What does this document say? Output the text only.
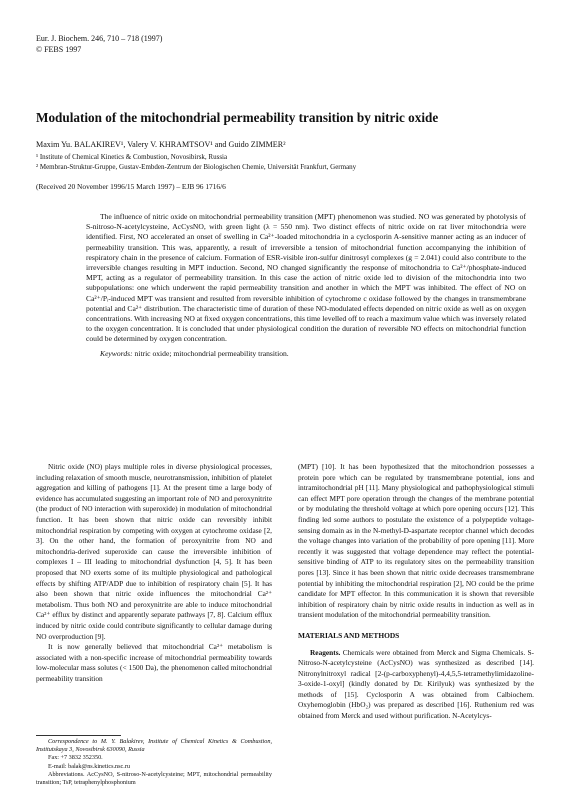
Eur. J. Biochem. 246, 710 – 718 (1997)
© FEBS 1997
Modulation of the mitochondrial permeability transition by nitric oxide
Maxim Yu. BALAKIREV¹, Valery V. KHRAMTSOV¹ and Guido ZIMMER²
¹ Institute of Chemical Kinetics & Combustion, Novosibirsk, Russia
² Membran-Struktur-Gruppe, Gustav-Embden-Zentrum der Biologischen Chemie, Universität Frankfurt, Germany
(Received 20 November 1996/15 March 1997) – EJB 96 1716/6

The influence of nitric oxide on mitochondrial permeability transition (MPT) phenomenon was studied. NO was generated by photolysis of S-nitroso-N-acetylcysteine, AcCysNO, with green light (λ = 550 nm). Two distinct effects of nitric oxide on rat liver mitochondria were identified. First, NO accelerated an onset of swelling in Ca²⁺-loaded mitochondria in a cyclosporin A-sensitive manner acting as an inducer of permeability transition. This was, apparently, a result of irreversible a tension of mitochondrial function accompanying the inhibition of respiratory chain in the presence of calcium. Formation of ESR-visible iron-sulfur dinitrosyl complexes (g = 2.041) could also contribute to the irreversible changes resulting in MPT induction. Second, NO changed significantly the response of mitochondria to Ca²⁺/phosphate-induced MPT, acting as a regulator of permeability transition. In this case the action of nitric oxide led to division of the mitochondria into two subpopulations: one which underwent the rapid permeability transition and another in which the MPT was inhibited. The effect of NO on Ca²⁺/Pᵢ-induced MPT was transient and resulted from reversible inhibition of cytochrome c oxidase followed by the changes in transmembrane potential and Ca²⁺ distribution. The characteristic time of duration of these NO-modulated effects depended on nitric oxide as well as on oxygen concentrations. With increasing NO at fixed oxygen concentrations, this time levelled off to reach a maximum value which was inversely related to the oxygen concentration. It is concluded that under physiological condition the duration of reversible NO effects on mitochondrial function could be determined by oxygen concentration.

Keywords: nitric oxide; mitochondrial permeability transition.

Nitric oxide (NO) plays multiple roles in diverse physiological processes, including relaxation of smooth muscle, neurotransmission, inhibition of platelet aggregation and killing of pathogens [1]. At the present time a large body of evidence has accumulated suggesting an important role of NO and peroxynitrite (the product of NO interaction with superoxide) in modulation of mitochondrial function. It has been shown that nitric oxide can reversibly inhibit mitochondrial respiration by competing with oxygen at cytochrome oxidase [2, 3]. On the other hand, the formation of peroxynitrite from NO and mitochondria-derived superoxide can cause the irreversible inhibition of complexes I – III leading to mitochondrial dysfunction [4, 5]. It has been proposed that NO exerts some of its multiple physiological and pathological effects by shifting ATP/ADP due to inhibition of respiratory chain [5]. It has also been shown that nitric oxide influences the mitochondrial Ca²⁺ metabolism. Thus both NO and peroxynitrite are able to induce mitochondrial Ca²⁺ efflux by distinct and apparently separate pathways [7, 8]. Calcium efflux induced by nitric oxide could contribute significantly to cellular damage during NO overproduction [9].

It is now generally believed that mitochondrial Ca²⁺ metabolism is associated with a non-specific increase of mitochondrial permeability towards low-molecular mass solutes (< 1500 Da), the phenomenon called mitochondrial permeability transition

Correspondence to M. Y. Balakirev, Institute of Chemical Kinetics & Combustion, Institutskaya 3, Novosibirsk 630090, Russia

Fax: +7 3832 352350.

E-mail: balak@ns.kinetics.nsc.ru

Abbreviations. AcCysNO, S-nitroso-N-acetylcysteine; MPT, mitochondrial permeability transition; TsP, tetraphenylphosphonium

(MPT) [10]. It has been hypothesized that the mitochondrion possesses a protein pore which can be regulated by transmembrane potential, ions and intramitochondrial pH [11]. Many physiological and pathophysiological stimuli can effect MPT pore operation through the changes of the membrane potential or by modulating the threshold voltage at which pore opening occurs [12]. This finding led some authors to postulate the existence of a polypeptide voltage-sensing domain as in the N-methyl-D-aspartate receptor channel which decodes the voltage changes into variation of the probability of pore opening [11]. More recently it was suggested that voltage dependence may reflect the potential-sensitive binding of ATP to its regulatory sites on the permeability transition pores [13]. Since it has been shown that nitric oxide decreases transmembrane potential by inhibiting the mitochondrial respiration [2], NO could be the prime candidate for MPT effector. In this communication it is shown that reversible inhibition of respiratory chain by nitric oxide results in induction as well as in transient modulation of the mitochondrial permeability transition.

MATERIALS AND METHODS

Reagents. Chemicals were obtained from Merck and Sigma Chemicals. S-Nitroso-N-acetylcysteine (AcCysNO) was synthesized as described [14]. Nitronylnitroxyl radical [2-(p-carboxyphenyl)-4,4,5,5-tetramethylimidazoline-3-oxide-1-oxyl] (kindly donated by Dr. Kirilyuk) was synthesized by the methods of [15]. Cyclosporin A was obtained from Calbiochem. Oxyhemoglobin (HbO₂) was prepared as described [16]. Ruthenium red was obtained from Merck and used without purification. N-Acetylcys-
